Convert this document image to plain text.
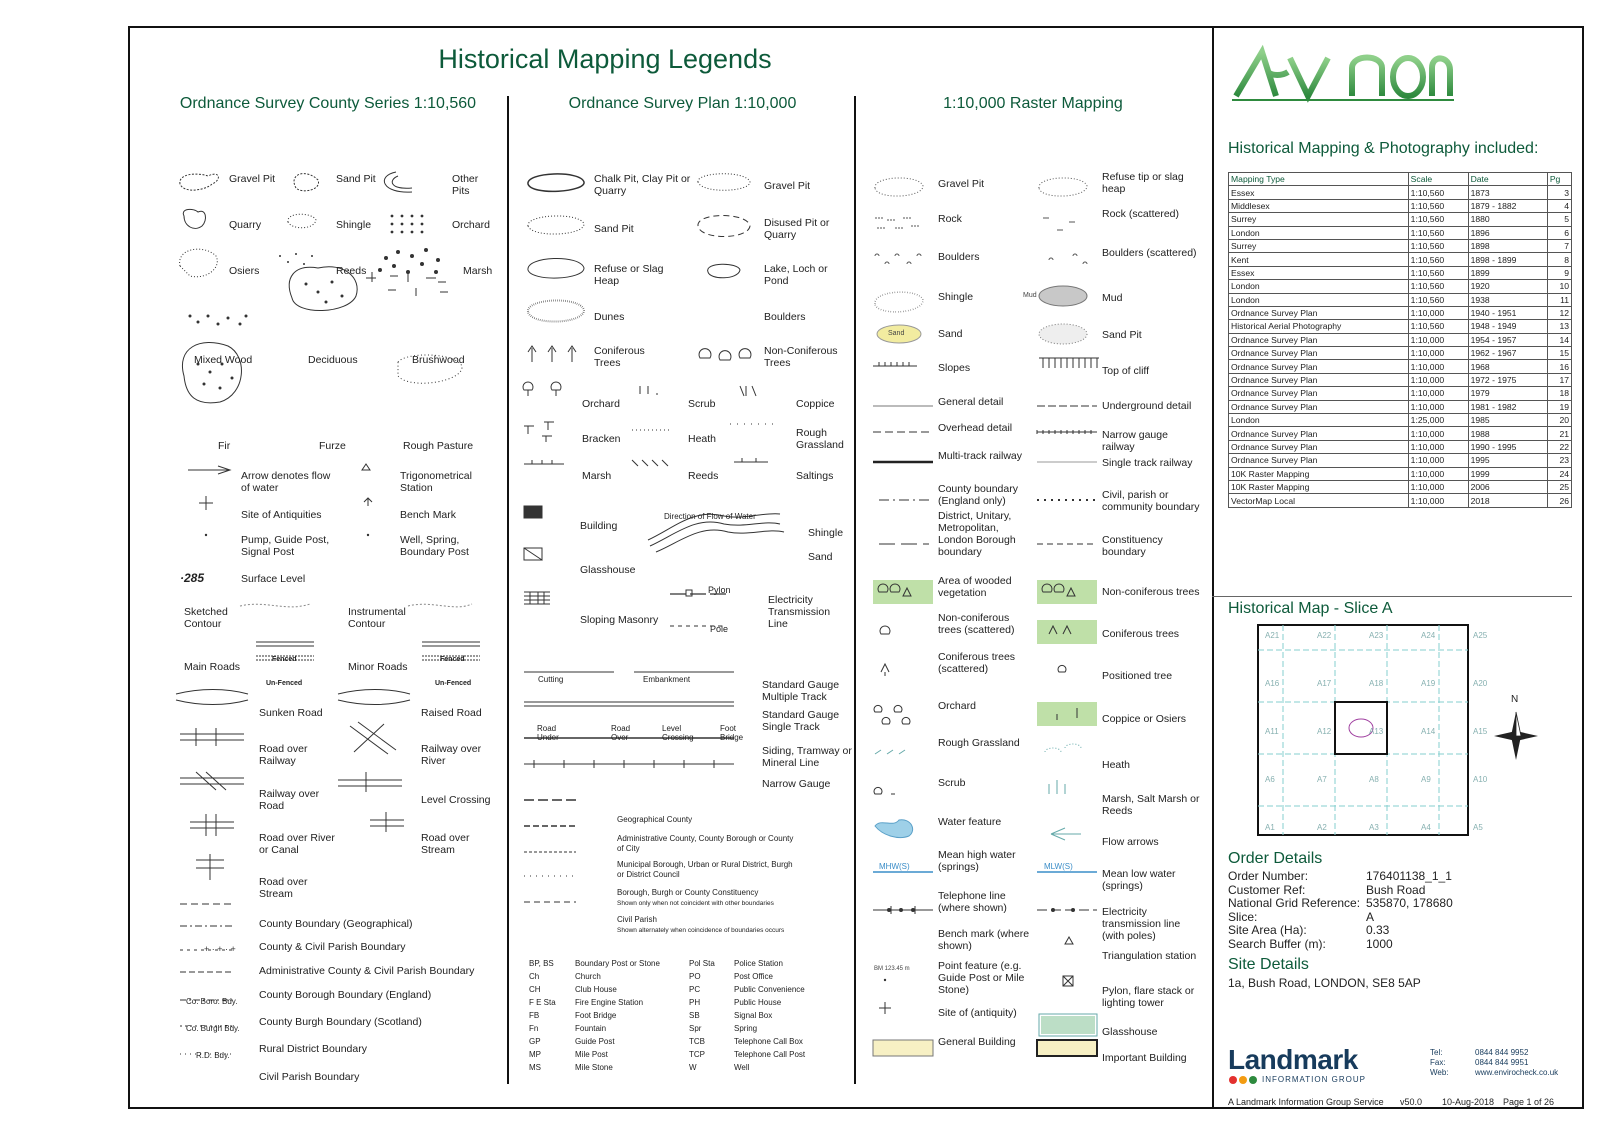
Historical Mapping Legends
Ordnance Survey County Series 1:10,560	Ordnance Survey Plan 1:10,000	1:10,000 Raster Mapping
+ · + · +
Gravel Pit	Sand Pit	Other Pits
Quarry	Shingle	Orchard
Osiers	Reeds	Marsh
Mixed Wood	Deciduous	Brushwood
Fir	Furze	Rough Pasture
Arrow denotes flow of water
Trigonometrical Station
Site of Antiquities	Bench Mark
Pump, Guide Post, Signal Post
Well, Spring, Boundary Post
·285	Surface Level
Sketched Contour
Instrumental Contour
Main Roads	Minor Roads
Fenced
Un-Fenced
Fenced
Un-Fenced
Sunken Road	Raised Road
Road over Railway
Railway over River
Railway over Road	Level Crossing
Road over River or Canal
Road over Stream
Road over Stream
County Boundary (Geographical)
County & Civil Parish Boundary
Administrative County & Civil Parish Boundary
County Borough Boundary (England)
Co. Boro. Bdy.
County Burgh Boundary (Scotland)
Co. Burgh Bdy.
Rural District Boundary
R.D. Bdy.
Civil Parish Boundary
Chalk Pit, Clay Pit or Quarry	Gravel Pit
Sand Pit	Disused Pit or Quarry
Refuse or Slag Heap
Lake, Loch or Pond
Dunes	Boulders
Coniferous Trees
Non-Coniferous Trees
Orchard	Scrub	Coppice
Bracken	Heath	Rough Grassland
Marsh	Reeds	Saltings
Building
Direction of Flow of Water
Shingle
Sand
Glasshouse
Pylon
Pole
Electricity Transmission Line
Sloping Masonry
Cutting	Embankment	Standard Gauge Multiple Track
Road Under
Road Over
Level Crossing
Foot Bridge
Standard Gauge Single Track
Siding, Tramway or Mineral Line
Narrow Gauge
Geographical County
Administrative County, County Borough or County of City
Municipal Borough, Urban or Rural District, Burgh or District Council
Borough, Burgh or County Constituency
Shown only when not coincident with other boundaries
Civil Parish
Shown alternately when coincidence of boundaries occurs
BP, BS	Boundary Post or Stone	Pol Sta Police Station
Ch	Church	PO	Post Office
CH	Club House	PC	Public Convenience
F E Sta Fire Engine Station	PH	Public House
FB	Foot Bridge	SB	Signal Box
Fn	Fountain	Spr	Spring
GP	Guide Post	TCB	Telephone Call Box
MP	Mile Post	TCP	Telephone Call Post
MS	Mile Stone	W	Well
Mud
Sand
MHW(S)	MLW(S)
BM 123.45 m
Gravel Pit
Rock
Boulders
Shingle
Sand
Slopes
General detail
Overhead detail
Multi-track railway
County boundary (England only)
District, Unitary, Metropolitan, London Borough boundary
Area of wooded vegetation
Non-coniferous trees (scattered)
Coniferous trees (scattered)
Orchard
Rough Grassland
Scrub
Water feature
Mean high water (springs)
Telephone line (where shown)
Bench mark (where shown)
Point feature (e.g. Guide Post or Mile Stone)
Site of (antiquity)
General Building
Refuse tip or slag heap
Rock (scattered)
Boulders (scattered)
Mud
Sand Pit
Top of cliff
Underground detail
Narrow gauge railway
Single track railway
Civil, parish or community boundary
Constituency boundary
Non-coniferous trees
Coniferous trees
Positioned tree
Coppice or Osiers
Heath
Marsh, Salt Marsh or Reeds
Flow arrows
Mean low water (springs)
Electricity transmission line (with poles)
Triangulation station
Pylon, flare stack or lighting tower
Glasshouse
Important Building
Historical Mapping & Photography included:
Mapping Type	Scale	Date	Pg
Essex	1:10,560	1873	3
Middlesex	1:10,560	1879 - 1882	4
Surrey	1:10,560	1880	5
London	1:10,560	1896	6
Surrey	1:10,560	1898	7
Kent	1:10,560	1898 - 1899	8
Essex	1:10,560	1899	9
London	1:10,560	1920	10
London	1:10,560	1938	11
Ordnance Survey Plan	1:10,000	1940 - 1951	12
Historical Aerial Photography	1:10,560	1948 - 1949	13
Ordnance Survey Plan	1:10,000	1954 - 1957	14
Ordnance Survey Plan	1:10,000	1962 - 1967	15
Ordnance Survey Plan	1:10,000	1968	16
Ordnance Survey Plan	1:10,000	1972 - 1975	17
Ordnance Survey Plan	1:10,000	1979	18
Ordnance Survey Plan	1:10,000	1981 - 1982	19
London	1:25,000	1985	20
Ordnance Survey Plan	1:10,000	1988	21
Ordnance Survey Plan	1:10,000	1990 - 1995	22
Ordnance Survey Plan	1:10,000	1995	23
10K Raster Mapping	1:10,000	1999	24
10K Raster Mapping	1:10,000	2006	25
VectorMap Local	1:10,000	2018	26
Historical Map - Slice A
A21	A22	A23	A24	A25
A16	A17	A18	A19	A20
A11	A12	A13	A14	A15
A6	A7	A8	A9	A10
A1	A2	A3	A4	A5
N
Order Details
Order Number:	176401138_1_1
Customer Ref:	Bush Road
National Grid Reference: 535870, 178680
Slice:	A
Site Area (Ha):	0.33
Search Buffer (m):	1000
Site Details
1a, Bush Road, LONDON, SE8 5AP
Landmark
INFORMATION GROUP
Tel:	0844 844 9952
Fax:	0844 844 9951
Web:	www.envirocheck.co.uk
A Landmark Information Group Service v50.0 10-Aug-2018 Page 1 of 26
